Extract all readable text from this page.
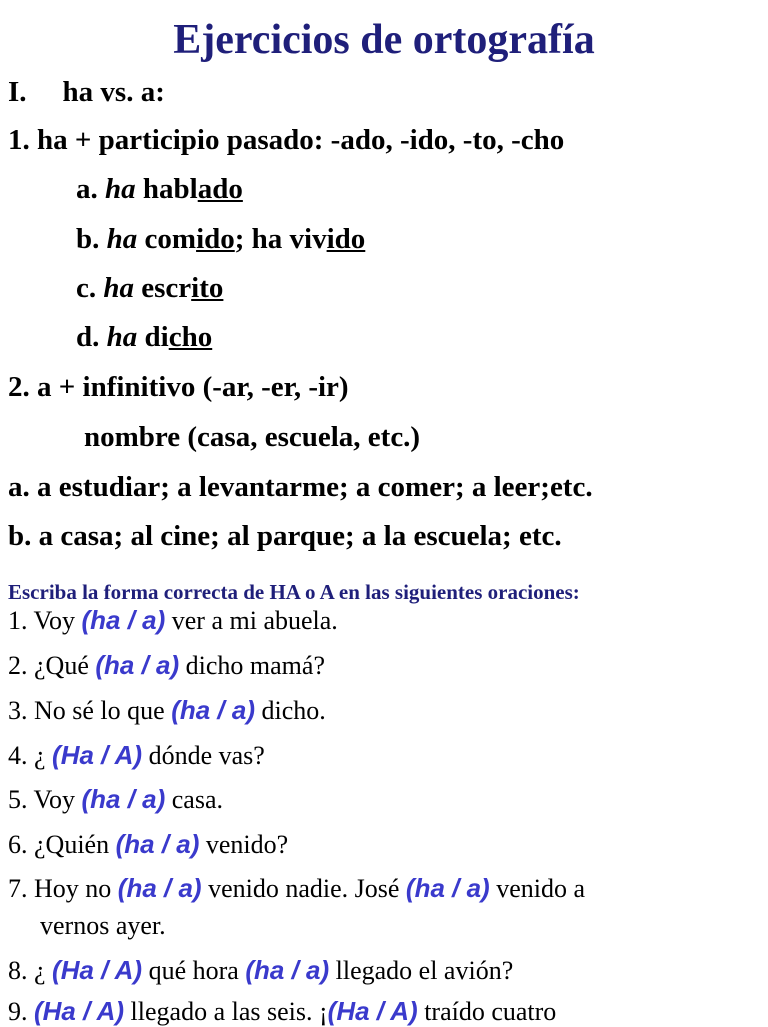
Ejercicios de ortografía
I. ha vs. a:
1. ha + participio pasado: -ado, -ido, -to, -cho
a. ha hablado
b. ha comido; ha vivido
c. ha escrito
d. ha dicho
2. a + infinitivo (-ar, -er, -ir)
nombre (casa, escuela, etc.)
a. a estudiar; a levantarme; a comer; a leer;etc.
b. a casa; al cine; al parque; a la escuela; etc.
Escriba la forma correcta de HA o A en las siguientes oraciones:
1. Voy (ha / a) ver a mi abuela.
2. ¿Qué (ha / a) dicho mamá?
3. No sé lo que (ha / a) dicho.
4. ¿ (Ha / A) dónde vas?
5. Voy (ha / a) casa.
6. ¿Quién (ha / a) venido?
7. Hoy no (ha / a) venido nadie. José (ha / a) venido a
vernos ayer.
8. ¿ (Ha / A) qué hora (ha / a) llegado el avión?
9. (Ha / A) llegado a las seis. ¡(Ha / A) traído cuatro
